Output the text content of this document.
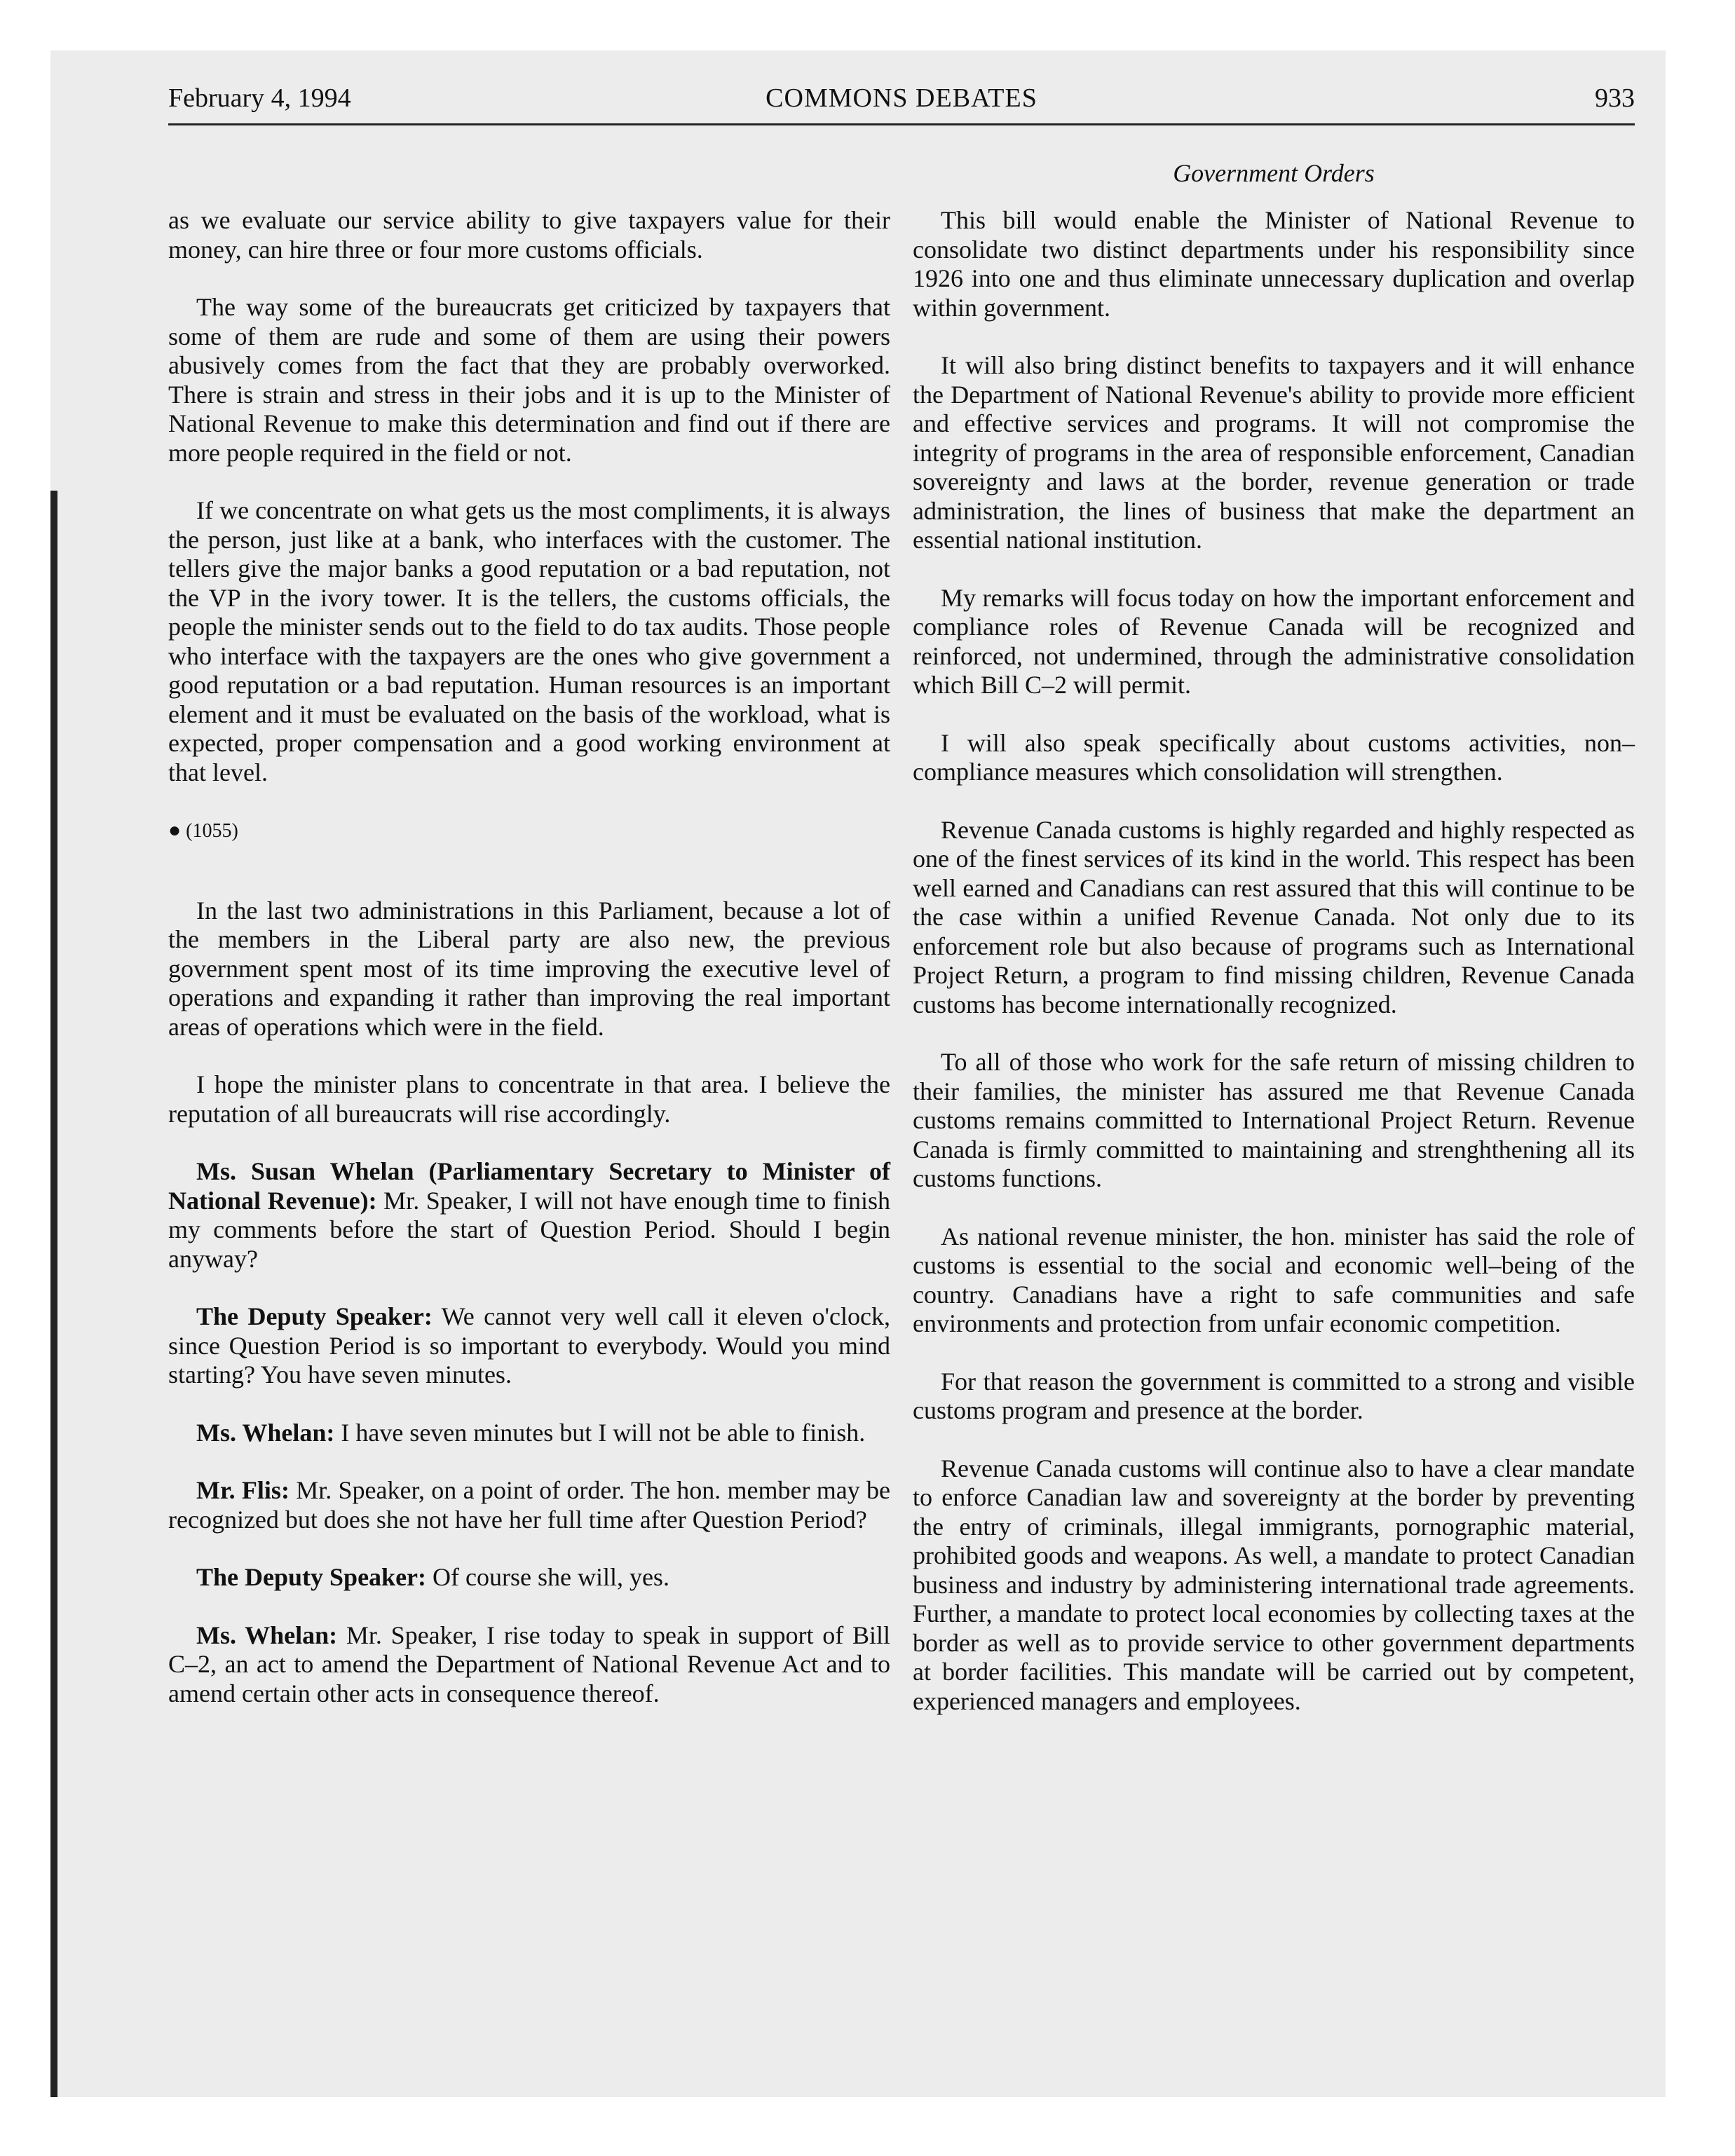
February 4, 1994	COMMONS DEBATES	933
Government Orders

as we evaluate our service ability to give taxpayers value for their money, can hire three or four more customs officials.

The way some of the bureaucrats get criticized by taxpayers that some of them are rude and some of them are using their powers abusively comes from the fact that they are probably overworked. There is strain and stress in their jobs and it is up to the Minister of National Revenue to make this determination and find out if there are more people required in the field or not.

If we concentrate on what gets us the most compliments, it is always the person, just like at a bank, who interfaces with the customer. The tellers give the major banks a good reputation or a bad reputation, not the VP in the ivory tower. It is the tellers, the customs officials, the people the minister sends out to the field to do tax audits. Those people who interface with the taxpayers are the ones who give government a good reputation or a bad reputation. Human resources is an important element and it must be evaluated on the basis of the workload, what is expected, proper compensation and a good working environment at that level.

● (1055)

In the last two administrations in this Parliament, because a lot of the members in the Liberal party are also new, the previous government spent most of its time improving the executive level of operations and expanding it rather than improving the real important areas of operations which were in the field.

I hope the minister plans to concentrate in that area. I believe the reputation of all bureaucrats will rise accordingly.

Ms. Susan Whelan (Parliamentary Secretary to Minister of National Revenue): Mr. Speaker, I will not have enough time to finish my comments before the start of Question Period. Should I begin anyway?

The Deputy Speaker: We cannot very well call it eleven o'clock, since Question Period is so important to everybody. Would you mind starting? You have seven minutes.

Ms. Whelan: I have seven minutes but I will not be able to finish.

Mr. Flis: Mr. Speaker, on a point of order. The hon. member may be recognized but does she not have her full time after Question Period?

The Deputy Speaker: Of course she will, yes.

Ms. Whelan: Mr. Speaker, I rise today to speak in support of Bill C–2, an act to amend the Department of National Revenue Act and to amend certain other acts in consequence thereof.

This bill would enable the Minister of National Revenue to consolidate two distinct departments under his responsibility since 1926 into one and thus eliminate unnecessary duplication and overlap within government.

It will also bring distinct benefits to taxpayers and it will enhance the Department of National Revenue's ability to provide more efficient and effective services and programs. It will not compromise the integrity of programs in the area of responsible enforcement, Canadian sovereignty and laws at the border, revenue generation or trade administration, the lines of business that make the department an essential national institution.

My remarks will focus today on how the important enforcement and compliance roles of Revenue Canada will be recognized and reinforced, not undermined, through the administrative consolidation which Bill C–2 will permit.

I will also speak specifically about customs activities, non–compliance measures which consolidation will strengthen.

Revenue Canada customs is highly regarded and highly respected as one of the finest services of its kind in the world. This respect has been well earned and Canadians can rest assured that this will continue to be the case within a unified Revenue Canada. Not only due to its enforcement role but also because of programs such as International Project Return, a program to find missing children, Revenue Canada customs has become internationally recognized.

To all of those who work for the safe return of missing children to their families, the minister has assured me that Revenue Canada customs remains committed to International Project Return. Revenue Canada is firmly committed to maintaining and strenghthening all its customs functions.

As national revenue minister, the hon. minister has said the role of customs is essential to the social and economic well–being of the country. Canadians have a right to safe communities and safe environments and protection from unfair economic competition.

For that reason the government is committed to a strong and visible customs program and presence at the border.

Revenue Canada customs will continue also to have a clear mandate to enforce Canadian law and sovereignty at the border by preventing the entry of criminals, illegal immigrants, pornographic material, prohibited goods and weapons. As well, a mandate to protect Canadian business and industry by administering international trade agreements. Further, a mandate to protect local economies by collecting taxes at the border as well as to provide service to other government departments at border facilities. This mandate will be carried out by competent, experienced managers and employees.
